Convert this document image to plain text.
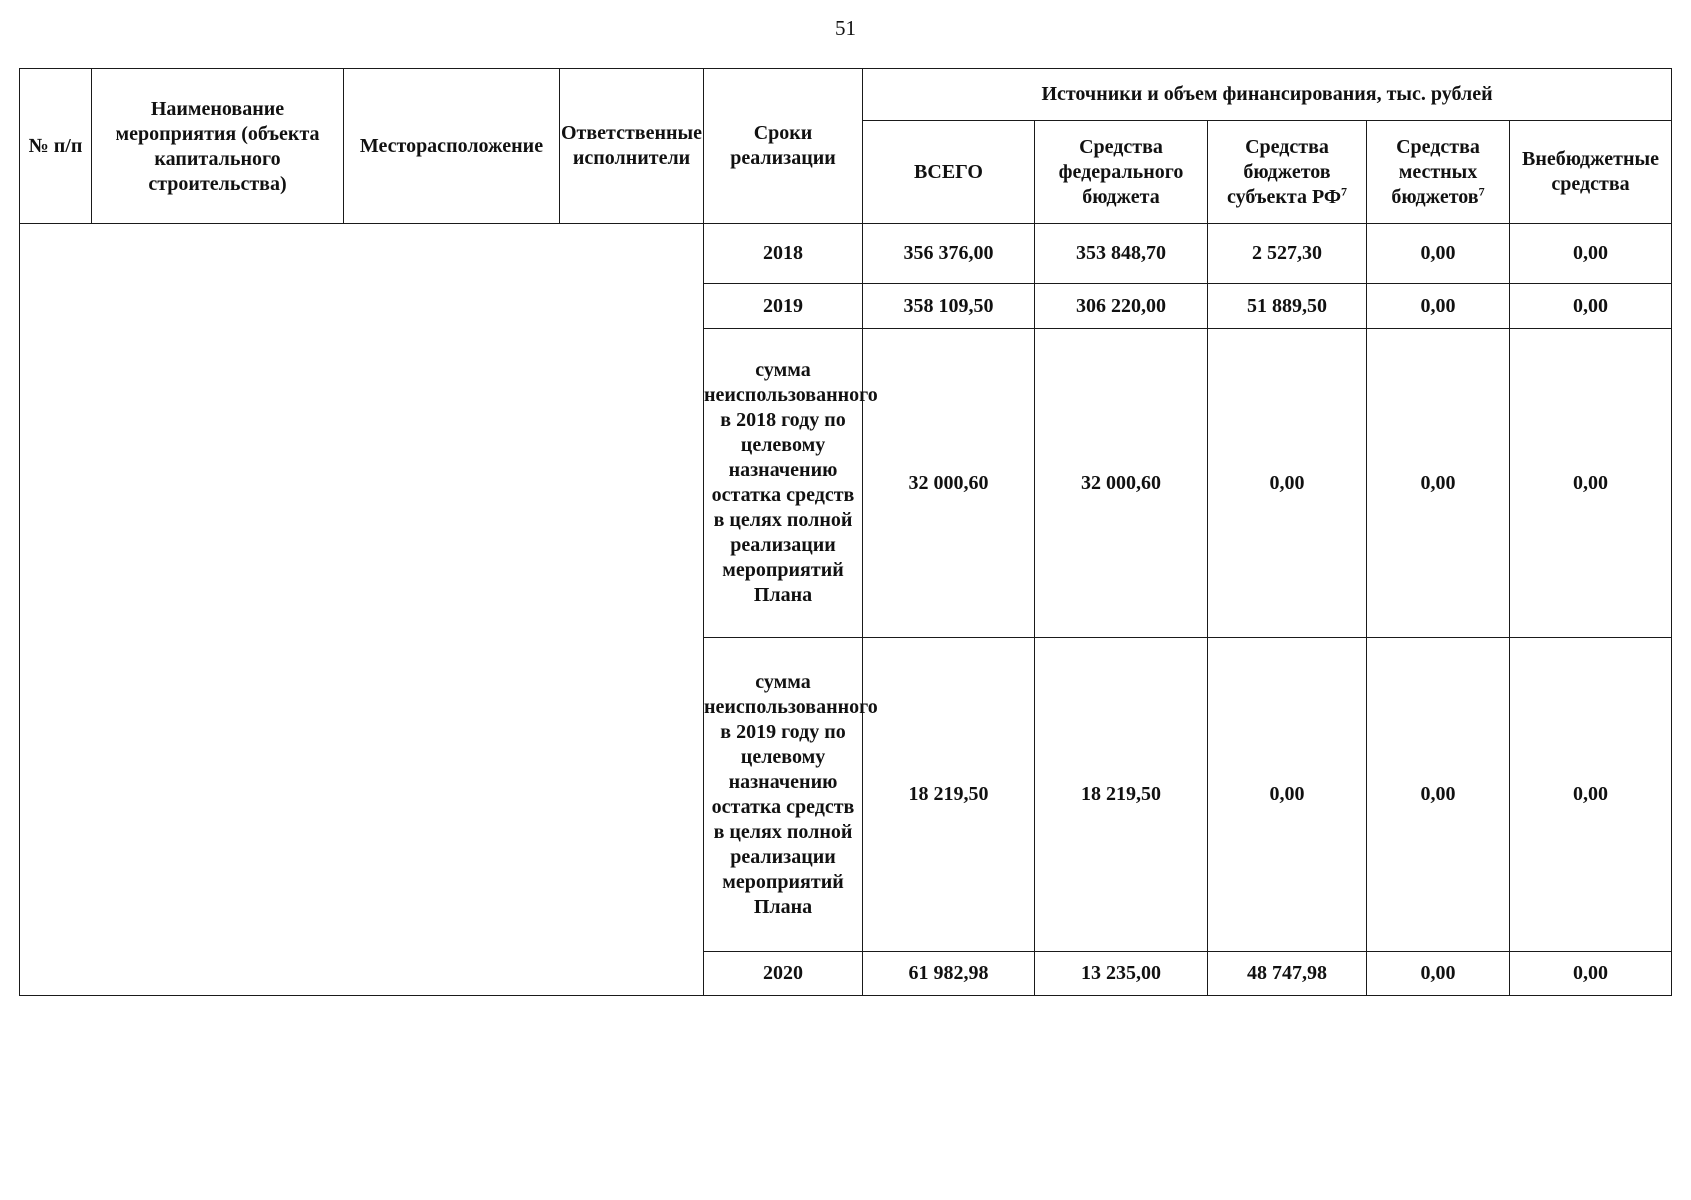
51
№ п/п	Наименование мероприятия (объекта капитального строительства)	Месторасположение	Ответственные исполнители	Сроки реализации	Источники и объем финансирования, тыс. рублей				
					ВСЕГО	Средства федерального бюджета	Средства бюджетов субъекта $РФ^7$	Средства местных бюджетов$^7$	Внебюджетные средства
				2018	356 376,00	353 848,70	2 527,30	0,00	0,00
				2019	358 109,50	306 220,00	51 889,50	0,00	0,00
				сумма неиспользованного в 2018 году по целевому назначению остатка средств в целях полной реализации мероприятий Плана	32 000,60	32 000,60	0,00	0,00	0,00
				сумма неиспользованного в 2019 году по целевому назначению остатка средств в целях полной реализации мероприятий Плана	18 219,50	18 219,50	0,00	0,00	0,00
				2020	61 982,98	13 235,00	48 747,98	0,00	0,00
